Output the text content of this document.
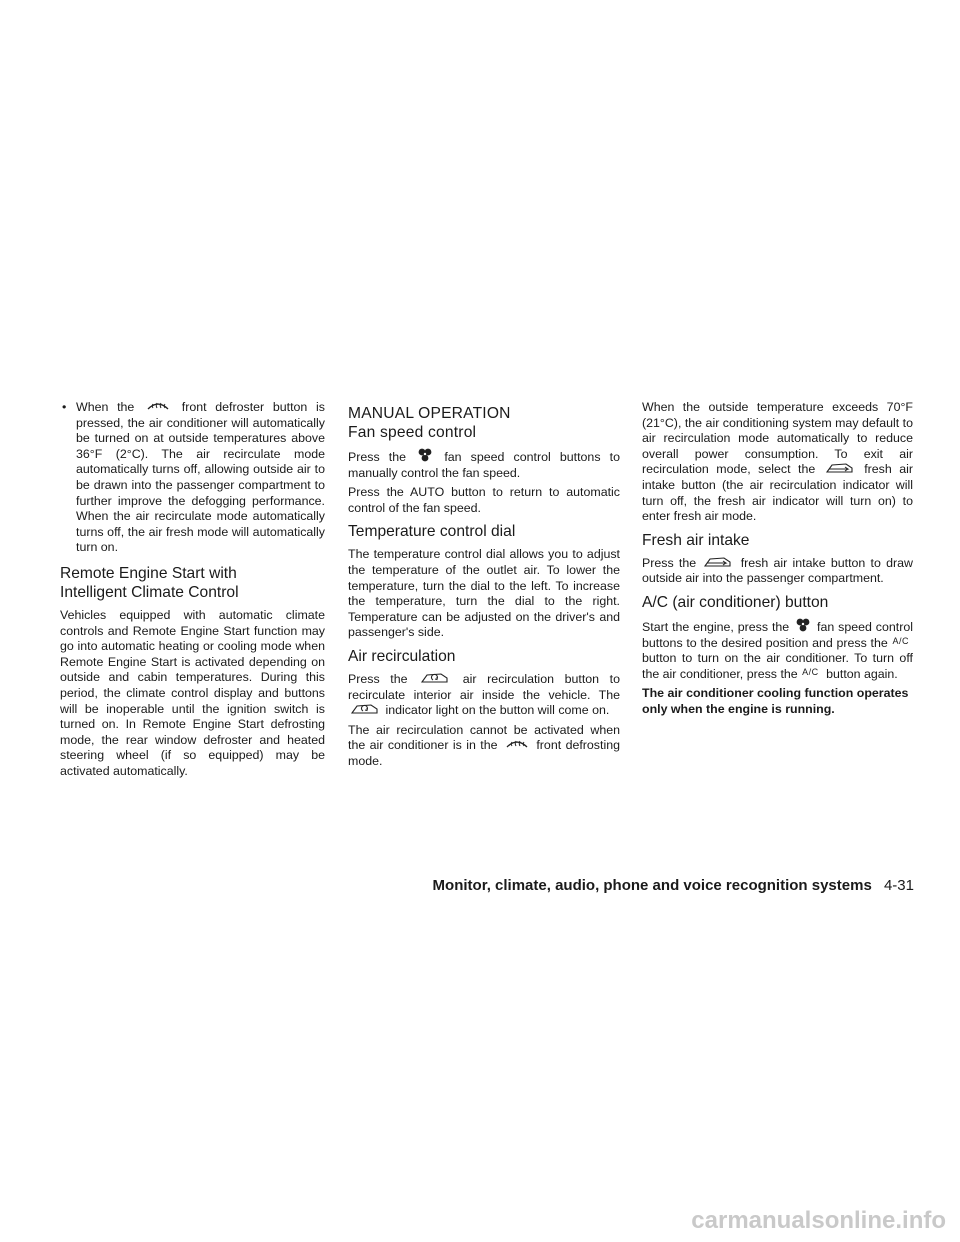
• When the	front defroster button is pressed, the air conditioner will automatically be turned on at outside temperatures above 36°F (2°C). The air recirculate mode automatically turns off, allowing outside air to be drawn into the passenger compartment to further improve the defogging performance. When the air recirculate mode automatically turns off, the air fresh mode will automatically turn on.

Remote Engine Start with Intelligent Climate Control

Vehicles equipped with automatic climate controls and Remote Engine Start function may go into automatic heating or cooling mode when Remote Engine Start is activated depending on outside and cabin temperatures. During this period, the climate control display and buttons will be inoperable until the ignition switch is turned on. In Remote Engine Start defrosting mode, the rear window defroster and heated steering wheel (if so equipped) may be activated automatically.

MANUAL OPERATION
Fan speed control

Press the	fan speed control buttons to manually control the fan speed.

Press the AUTO button to return to automatic control of the fan speed.

Temperature control dial

The temperature control dial allows you to adjust the temperature of the outlet air. To lower the temperature, turn the dial to the left. To increase the temperature, turn the dial to the right. Temperature can be adjusted on the driver's and passenger's side.

Air recirculation

Press the	air recirculation button to recirculate interior air inside the vehicle. The
indicator light on the button will come on.

The air recirculation cannot be activated when the air conditioner is in the	front defrosting mode.

When the outside temperature exceeds 70°F (21°C), the air conditioning system may default to air recirculation mode automatically to reduce overall power consumption. To exit air recirculation mode, select the	fresh air intake button (the air recirculation indicator will turn off, the fresh air indicator will turn on) to enter fresh air mode.

Fresh air intake

Press the	fresh air intake button to draw outside air into the passenger compartment.

A/C (air conditioner) button

Start the engine, press the fan speed control buttons to the desired position and press the A/C button to turn on the air conditioner. To turn off the air conditioner, press the A/C button again.

The air conditioner cooling function operates only when the engine is running.

Monitor, climate, audio, phone and voice recognition systems 4-31
carmanualsonline.info
